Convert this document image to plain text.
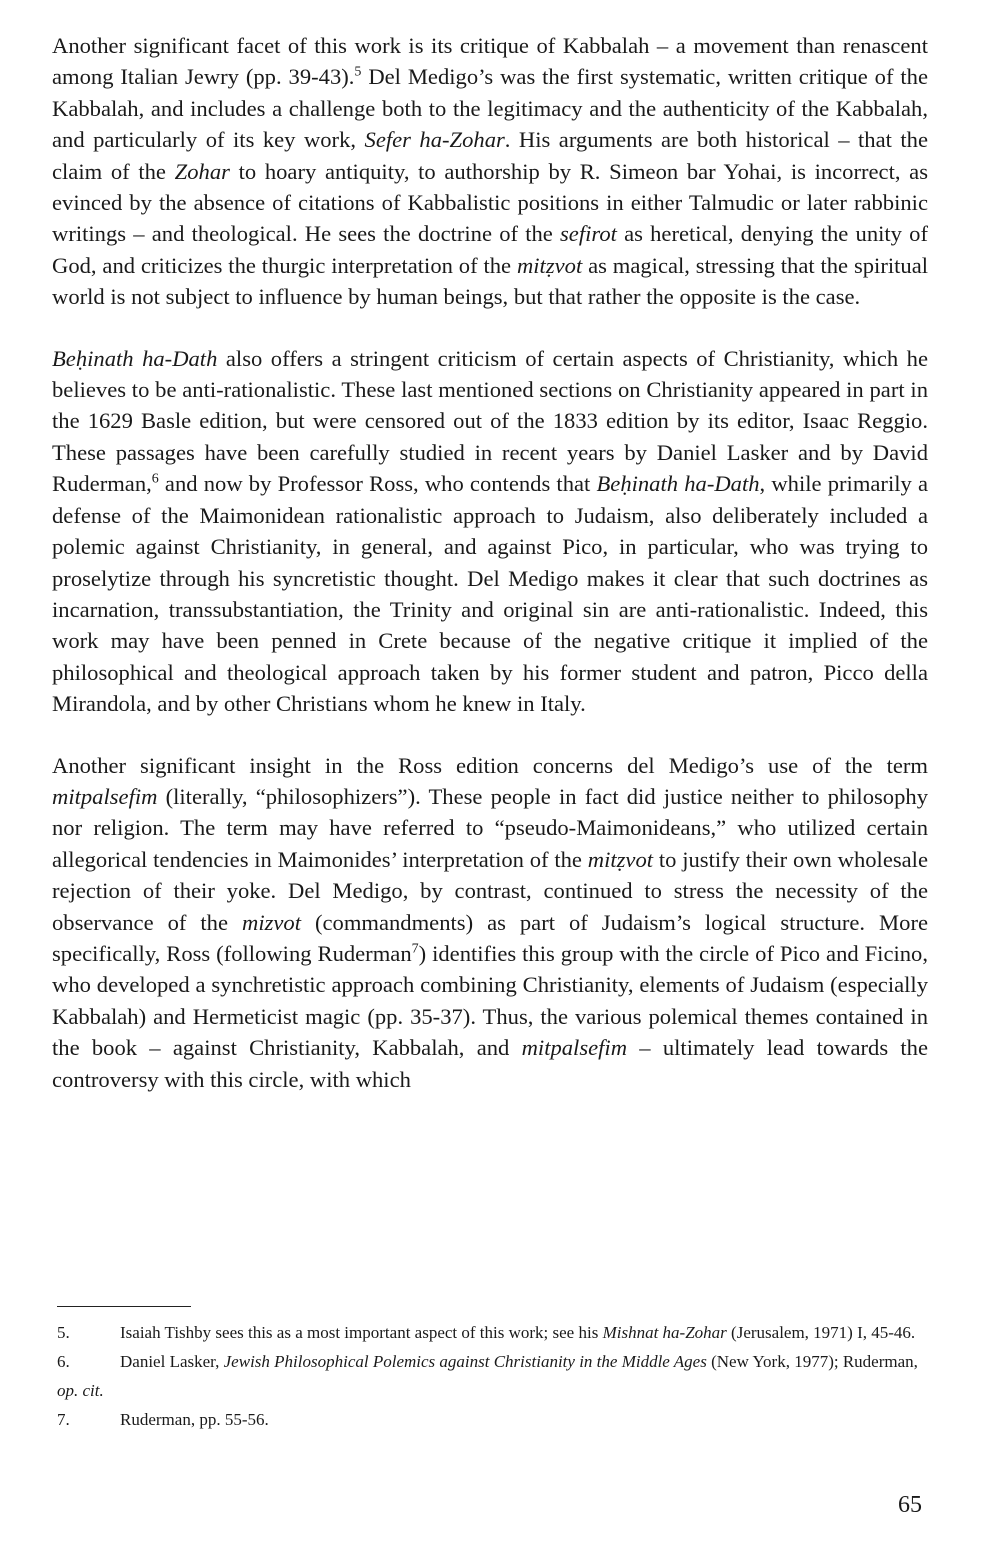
Another significant facet of this work is its critique of Kabbalah – a movement than renascent among Italian Jewry (pp. 39-43).$^5$ Del Medigo’s was the first systematic, written critique of the Kabbalah, and includes a challenge both to the legitimacy and the authenticity of the Kabbalah, and particularly of its key work, Sefer ha-Zohar. His arguments are both historical – that the claim of the Zohar to hoary antiquity, to authorship by R. Simeon bar Yohai, is incorrect, as evinced by the absence of citations of Kabbalistic positions in either Talmudic or later rabbinic writings – and theological. He sees the doctrine of the sefirot as heretical, denying the unity of God, and criticizes the thurgic interpretation of the mitẓvot as magical, stressing that the spiritual world is not subject to influence by human beings, but that rather the opposite is the case.

Beḥinath ha-Dath also offers a stringent criticism of certain aspects of Christianity, which he believes to be anti-rationalistic. These last mentioned sections on Christianity appeared in part in the 1629 Basle edition, but were censored out of the 1833 edition by its editor, Isaac Reggio. These passages have been carefully studied in recent years by Daniel Lasker and by David Ruderman,$^6$ and now by Professor Ross, who contends that Beḥinath ha-Dath, while primarily a defense of the Maimonidean rationalistic approach to Judaism, also deliberately included a polemic against Christianity, in general, and against Pico, in particular, who was trying to proselytize through his syncretistic thought. Del Medigo makes it clear that such doctrines as incarnation, transsubstantiation, the Trinity and original sin are anti-rationalistic. Indeed, this work may have been penned in Crete because of the negative critique it implied of the philosophical and theological approach taken by his former student and patron, Picco della Mirandola, and by other Christians whom he knew in Italy.

Another significant insight in the Ross edition concerns del Medigo’s use of the term mitpalsefim (literally, “philosophizers”). These people in fact did justice neither to philosophy nor religion. The term may have referred to “pseudo-Maimonideans,” who utilized certain allegorical tendencies in Maimonides’ interpretation of the mitẓvot to justify their own wholesale rejection of their yoke. Del Medigo, by contrast, continued to stress the necessity of the observance of the mizvot (commandments) as part of Judaism’s logical structure. More specifically, Ross (following Ruderman$^7$) identifies this group with the circle of Pico and Ficino, who developed a synchretistic approach combining Christianity, elements of Judaism (especially Kabbalah) and Hermeticist magic (pp. 35-37). Thus, the various polemical themes contained in the book – against Christianity, Kabbalah, and mitpalsefim – ultimately lead towards the controversy with this circle, with which

5.	Isaiah Tishby sees this as a most important aspect of this work; see his Mishnat ha-Zohar (Jerusalem, 1971) I, 45-46.

6.	Daniel Lasker, Jewish Philosophical Polemics against Christianity in the Middle Ages (New York, 1977); Ruderman, op. cit.

7.	Ruderman, pp. 55-56.

65
